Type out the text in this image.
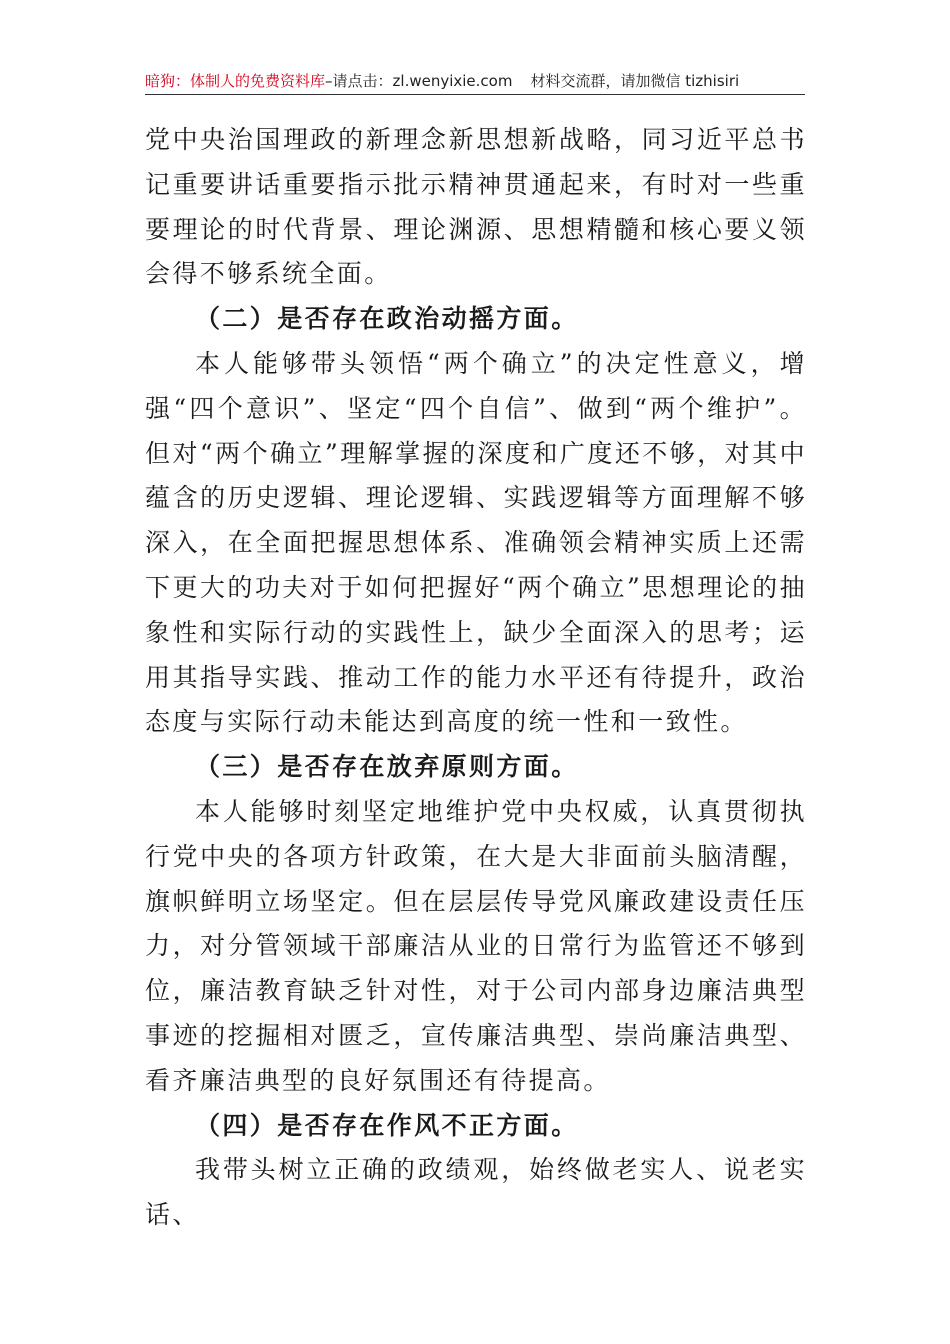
暗狗：体制人的免费资料库–请点击：zl.wenyixie.com 材料交流群，请加微信 tizhisiri

党中央治国理政的新理念新思想新战略，同习近平总书记重要讲话重要指示批示精神贯通起来，有时对一些重要理论的时代背景、理论渊源、思想精髓和核心要义领会得不够系统全面。

（二）是否存在政治动摇方面。

本人能够带头领悟“两个确立”的决定性意义，增强“四个意识”、坚定“四个自信”、做到“两个维护”。但对“两个确立”理解掌握的深度和广度还不够，对其中蕴含的历史逻辑、理论逻辑、实践逻辑等方面理解不够深入，在全面把握思想体系、准确领会精神实质上还需下更大的功夫对于如何把握好“两个确立”思想理论的抽象性和实际行动的实践性上，缺少全面深入的思考；运用其指导实践、推动工作的能力水平还有待提升，政治态度与实际行动未能达到高度的统一性和一致性。

（三）是否存在放弃原则方面。

本人能够时刻坚定地维护党中央权威，认真贯彻执行党中央的各项方针政策，在大是大非面前头脑清醒，旗帜鲜明立场坚定。但在层层传导党风廉政建设责任压力，对分管领域干部廉洁从业的日常行为监管还不够到位，廉洁教育缺乏针对性，对于公司内部身边廉洁典型事迹的挖掘相对匮乏，宣传廉洁典型、崇尚廉洁典型、看齐廉洁典型的良好氛围还有待提高。

（四）是否存在作风不正方面。

我带头树立正确的政绩观，始终做老实人、说老实话、
